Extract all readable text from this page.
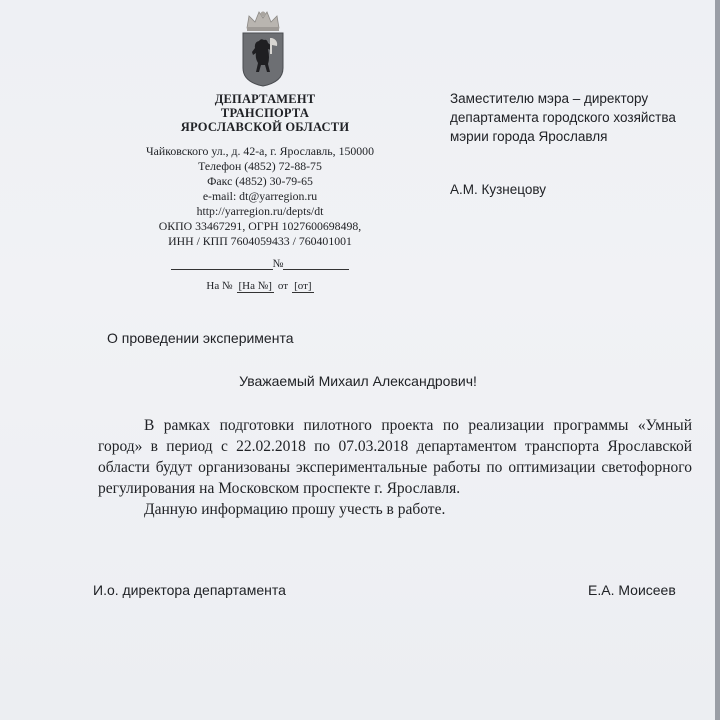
ДЕПАРТАМЕНТ
ТРАНСПОРТА
ЯРОСЛАВСКОЙ ОБЛАСТИ
Чайковского ул., д. 42-а, г. Ярославль, 150000
Телефон (4852) 72-88-75
Факс (4852) 30-79-65
e-mail: dt@yarregion.ru
http://yarregion.ru/depts/dt
ОКПО 33467291, ОГРН 1027600698498,
ИНН / КПП 7604059433 / 760401001
№
На № [На №] от [от]
Заместителю мэра – директору департамента городского хозяйства мэрии города Ярославля
А.М. Кузнецову
О проведении эксперимента
Уважаемый Михаил Александрович!

В рамках подготовки пилотного проекта по реализации программы «Умный город» в период с 22.02.2018 по 07.03.2018 департаментом транспорта Ярославской области будут организованы экспериментальные работы по оптимизации светофорного регулирования на Московском проспекте г. Ярославля.

Данную информацию прошу учесть в работе.

И.о. директора департамента	Е.А. Моисеев
